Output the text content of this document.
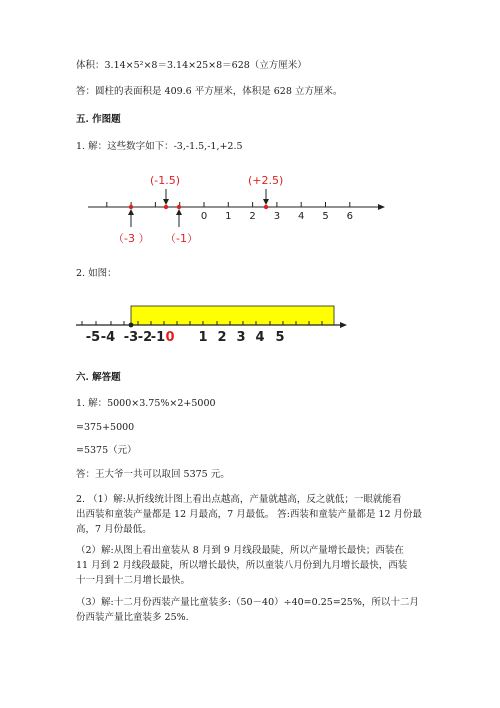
体积：3.14×5²×8＝3.14×25×8＝628（立方厘米）
答：圆柱的表面积是 409.6 平方厘米，体积是 628 立方厘米。
五. 作图题
1. 解：这些数字如下：-3,-1.5,-1,+2.5
0 1 2 3 4 5 6
(-1.5)	(+2.5)
（-3 ） （-1）
2. 如图：
-5 -4 -3 -2
-1 0 1 2 3 4 5
六. 解答题
1. 解：5000×3.75%×2+5000
=375+5000
=5375（元）
答：王大爷一共可以取回 5375 元。
2. （1）解:从折线统计图上看出点越高，产量就越高，反之就低；一眼就能看
出西装和童装产量都是 12 月最高，7 月最低。 答:西装和童装产量都是 12 月份最
高，7 月份最低。
（2）解:从图上看出童装从 8 月到 9 月线段最陡，所以产量增长最快；西装在
11 月到 2 月线段最陡，所以增长最快，所以童装八月份到九月增长最快，西装
十一月到十二月增长最快。
（3）解:十二月份西装产量比童装多:（50－40）÷40=0.25=25%，所以十二月
份西装产量比童装多 25%.
